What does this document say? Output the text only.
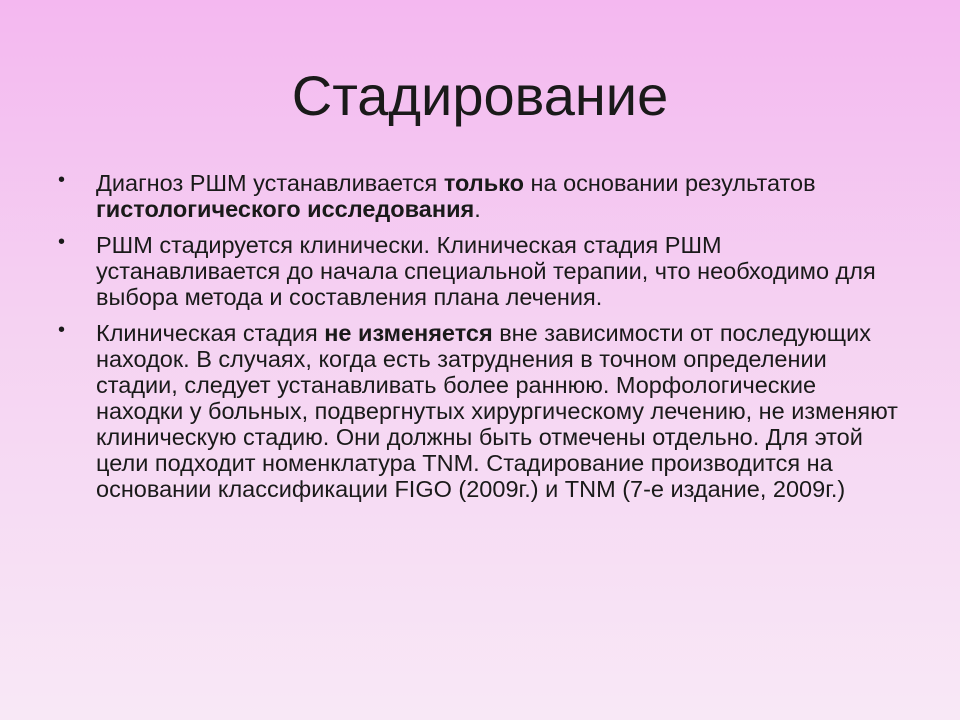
Стадирование
• Диагноз РШМ устанавливается только на основании результатов гистологического исследования.
• РШМ стадируется клинически. Клиническая стадия РШМ устанавливается до начала специальной терапии, что необходимо для выбора метода и составления плана лечения.
• Клиническая стадия не изменяется вне зависимости от последующих находок. В случаях, когда есть затруднения в точном определении стадии, следует устанавливать более раннюю. Морфологические находки у больных, подвергнутых хирургическому лечению, не изменяют клиническую стадию. Они должны быть отмечены отдельно. Для этой цели подходит номенклатура TNM. Стадирование производится на основании классификации FIGO (2009г.) и TNM (7-е издание, 2009г.)
